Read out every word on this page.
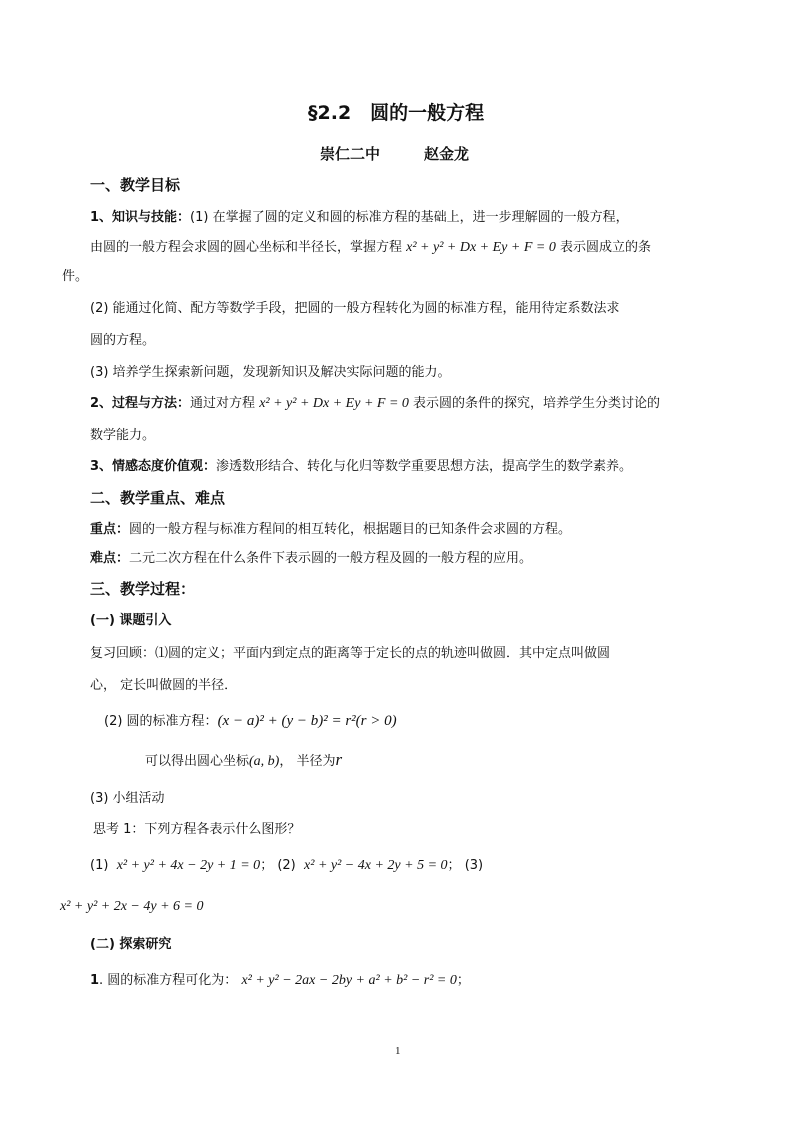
§2.2　圆的一般方程
崇仁二中	赵金龙
一、教学目标
1、知识与技能：(1) 在掌握了圆的定义和圆的标准方程的基础上，进一步理解圆的一般方程，
由圆的一般方程会求圆的圆心坐标和半径长，掌握方程 x² + y² + Dx + Ey + F = 0 表示圆成立的条
件。
(2) 能通过化简、配方等数学手段，把圆的一般方程转化为圆的标准方程，能用待定系数法求
圆的方程。
(3) 培养学生探索新问题，发现新知识及解决实际问题的能力。
2、过程与方法：通过对方程 x² + y² + Dx + Ey + F = 0 表示圆的条件的探究，培养学生分类讨论的
数学能力。
3、情感态度价值观：渗透数形结合、转化与化归等数学重要思想方法，提高学生的数学素养。
二、教学重点、难点
重点：圆的一般方程与标准方程间的相互转化，根据题目的已知条件会求圆的方程。
难点：二元二次方程在什么条件下表示圆的一般方程及圆的一般方程的应用。
三、教学过程：
(一) 课题引入
复习回顾：⑴圆的定义；平面内到定点的距离等于定长的点的轨迹叫做圆．其中定点叫做圆
心， 定长叫做圆的半径．
(2) 圆的标准方程：(x − a)² + (y − b)² = r²(r > 0)
可以得出圆心坐标(a, b)， 半径为r
(3) 小组活动
思考 1：下列方程各表示什么图形？
(1) x² + y² + 4x − 2y + 1 = 0； (2) x² + y² − 4x + 2y + 5 = 0； (3)
x² + y² + 2x − 4y + 6 = 0
(二) 探索研究
1. 圆的标准方程可化为： x² + y² − 2ax − 2by + a² + b² − r² = 0；
1
